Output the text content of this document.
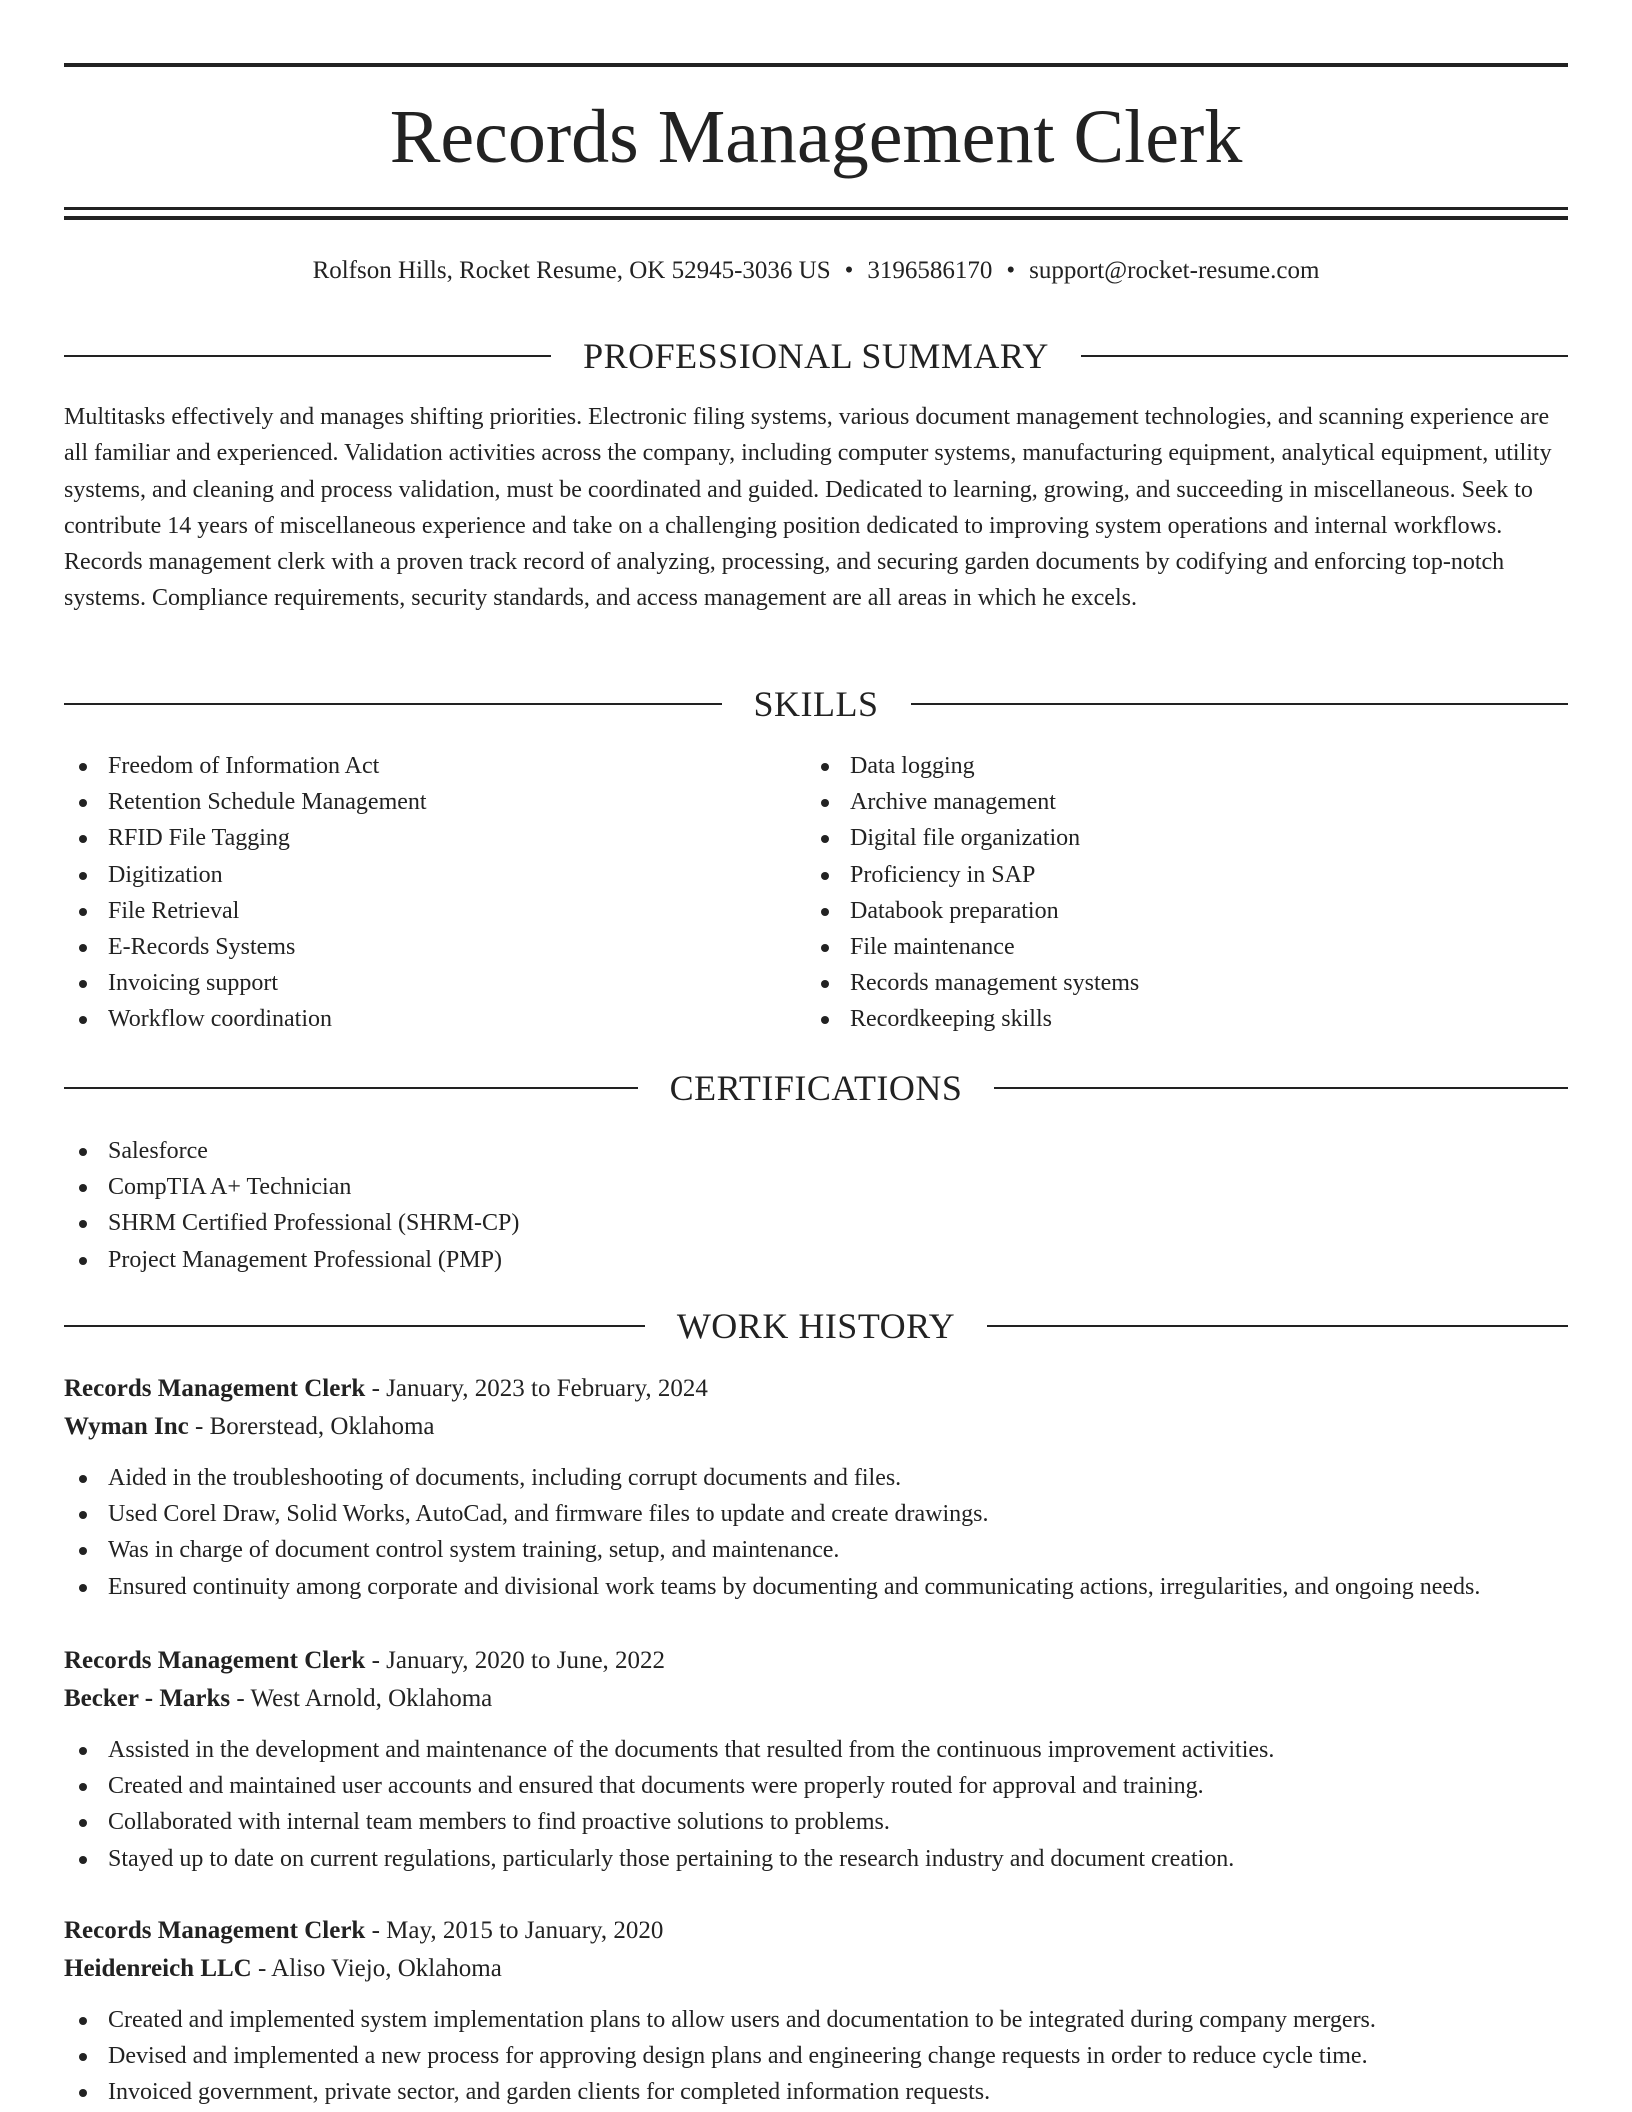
Records Management Clerk
Rolfson Hills, Rocket Resume, OK 52945-3036 US • 3196586170 • support@rocket-resume.com
PROFESSIONAL SUMMARY

Multitasks effectively and manages shifting priorities. Electronic filing systems, various document management technologies, and scanning experience are all familiar and experienced. Validation activities across the company, including computer systems, manufacturing equipment, analytical equipment, utility systems, and cleaning and process validation, must be coordinated and guided. Dedicated to learning, growing, and succeeding in miscellaneous. Seek to contribute 14 years of miscellaneous experience and take on a challenging position dedicated to improving system operations and internal workflows. Records management clerk with a proven track record of analyzing, processing, and securing garden documents by codifying and enforcing top-notch systems. Compliance requirements, security standards, and access management are all areas in which he excels.

SKILLS
Freedom of Information Act
Retention Schedule Management
RFID File Tagging
Digitization
File Retrieval
E-Records Systems
Invoicing support
Workflow coordination
Data logging
Archive management
Digital file organization
Proficiency in SAP
Databook preparation
File maintenance
Records management systems
Recordkeeping skills
CERTIFICATIONS
Salesforce
CompTIA A+ Technician
SHRM Certified Professional (SHRM-CP)
Project Management Professional (PMP)
WORK HISTORY
Records Management Clerk - January, 2023 to February, 2024
Wyman Inc - Borerstead, Oklahoma
Aided in the troubleshooting of documents, including corrupt documents and files.
Used Corel Draw, Solid Works, AutoCad, and firmware files to update and create drawings.
Was in charge of document control system training, setup, and maintenance.
Ensured continuity among corporate and divisional work teams by documenting and communicating actions, irregularities, and ongoing needs.
Records Management Clerk - January, 2020 to June, 2022
Becker - Marks - West Arnold, Oklahoma
Assisted in the development and maintenance of the documents that resulted from the continuous improvement activities.
Created and maintained user accounts and ensured that documents were properly routed for approval and training.
Collaborated with internal team members to find proactive solutions to problems.
Stayed up to date on current regulations, particularly those pertaining to the research industry and document creation.
Records Management Clerk - May, 2015 to January, 2020
Heidenreich LLC - Aliso Viejo, Oklahoma
Created and implemented system implementation plans to allow users and documentation to be integrated during company mergers.
Devised and implemented a new process for approving design plans and engineering change requests in order to reduce cycle time.
Invoiced government, private sector, and garden clients for completed information requests.
